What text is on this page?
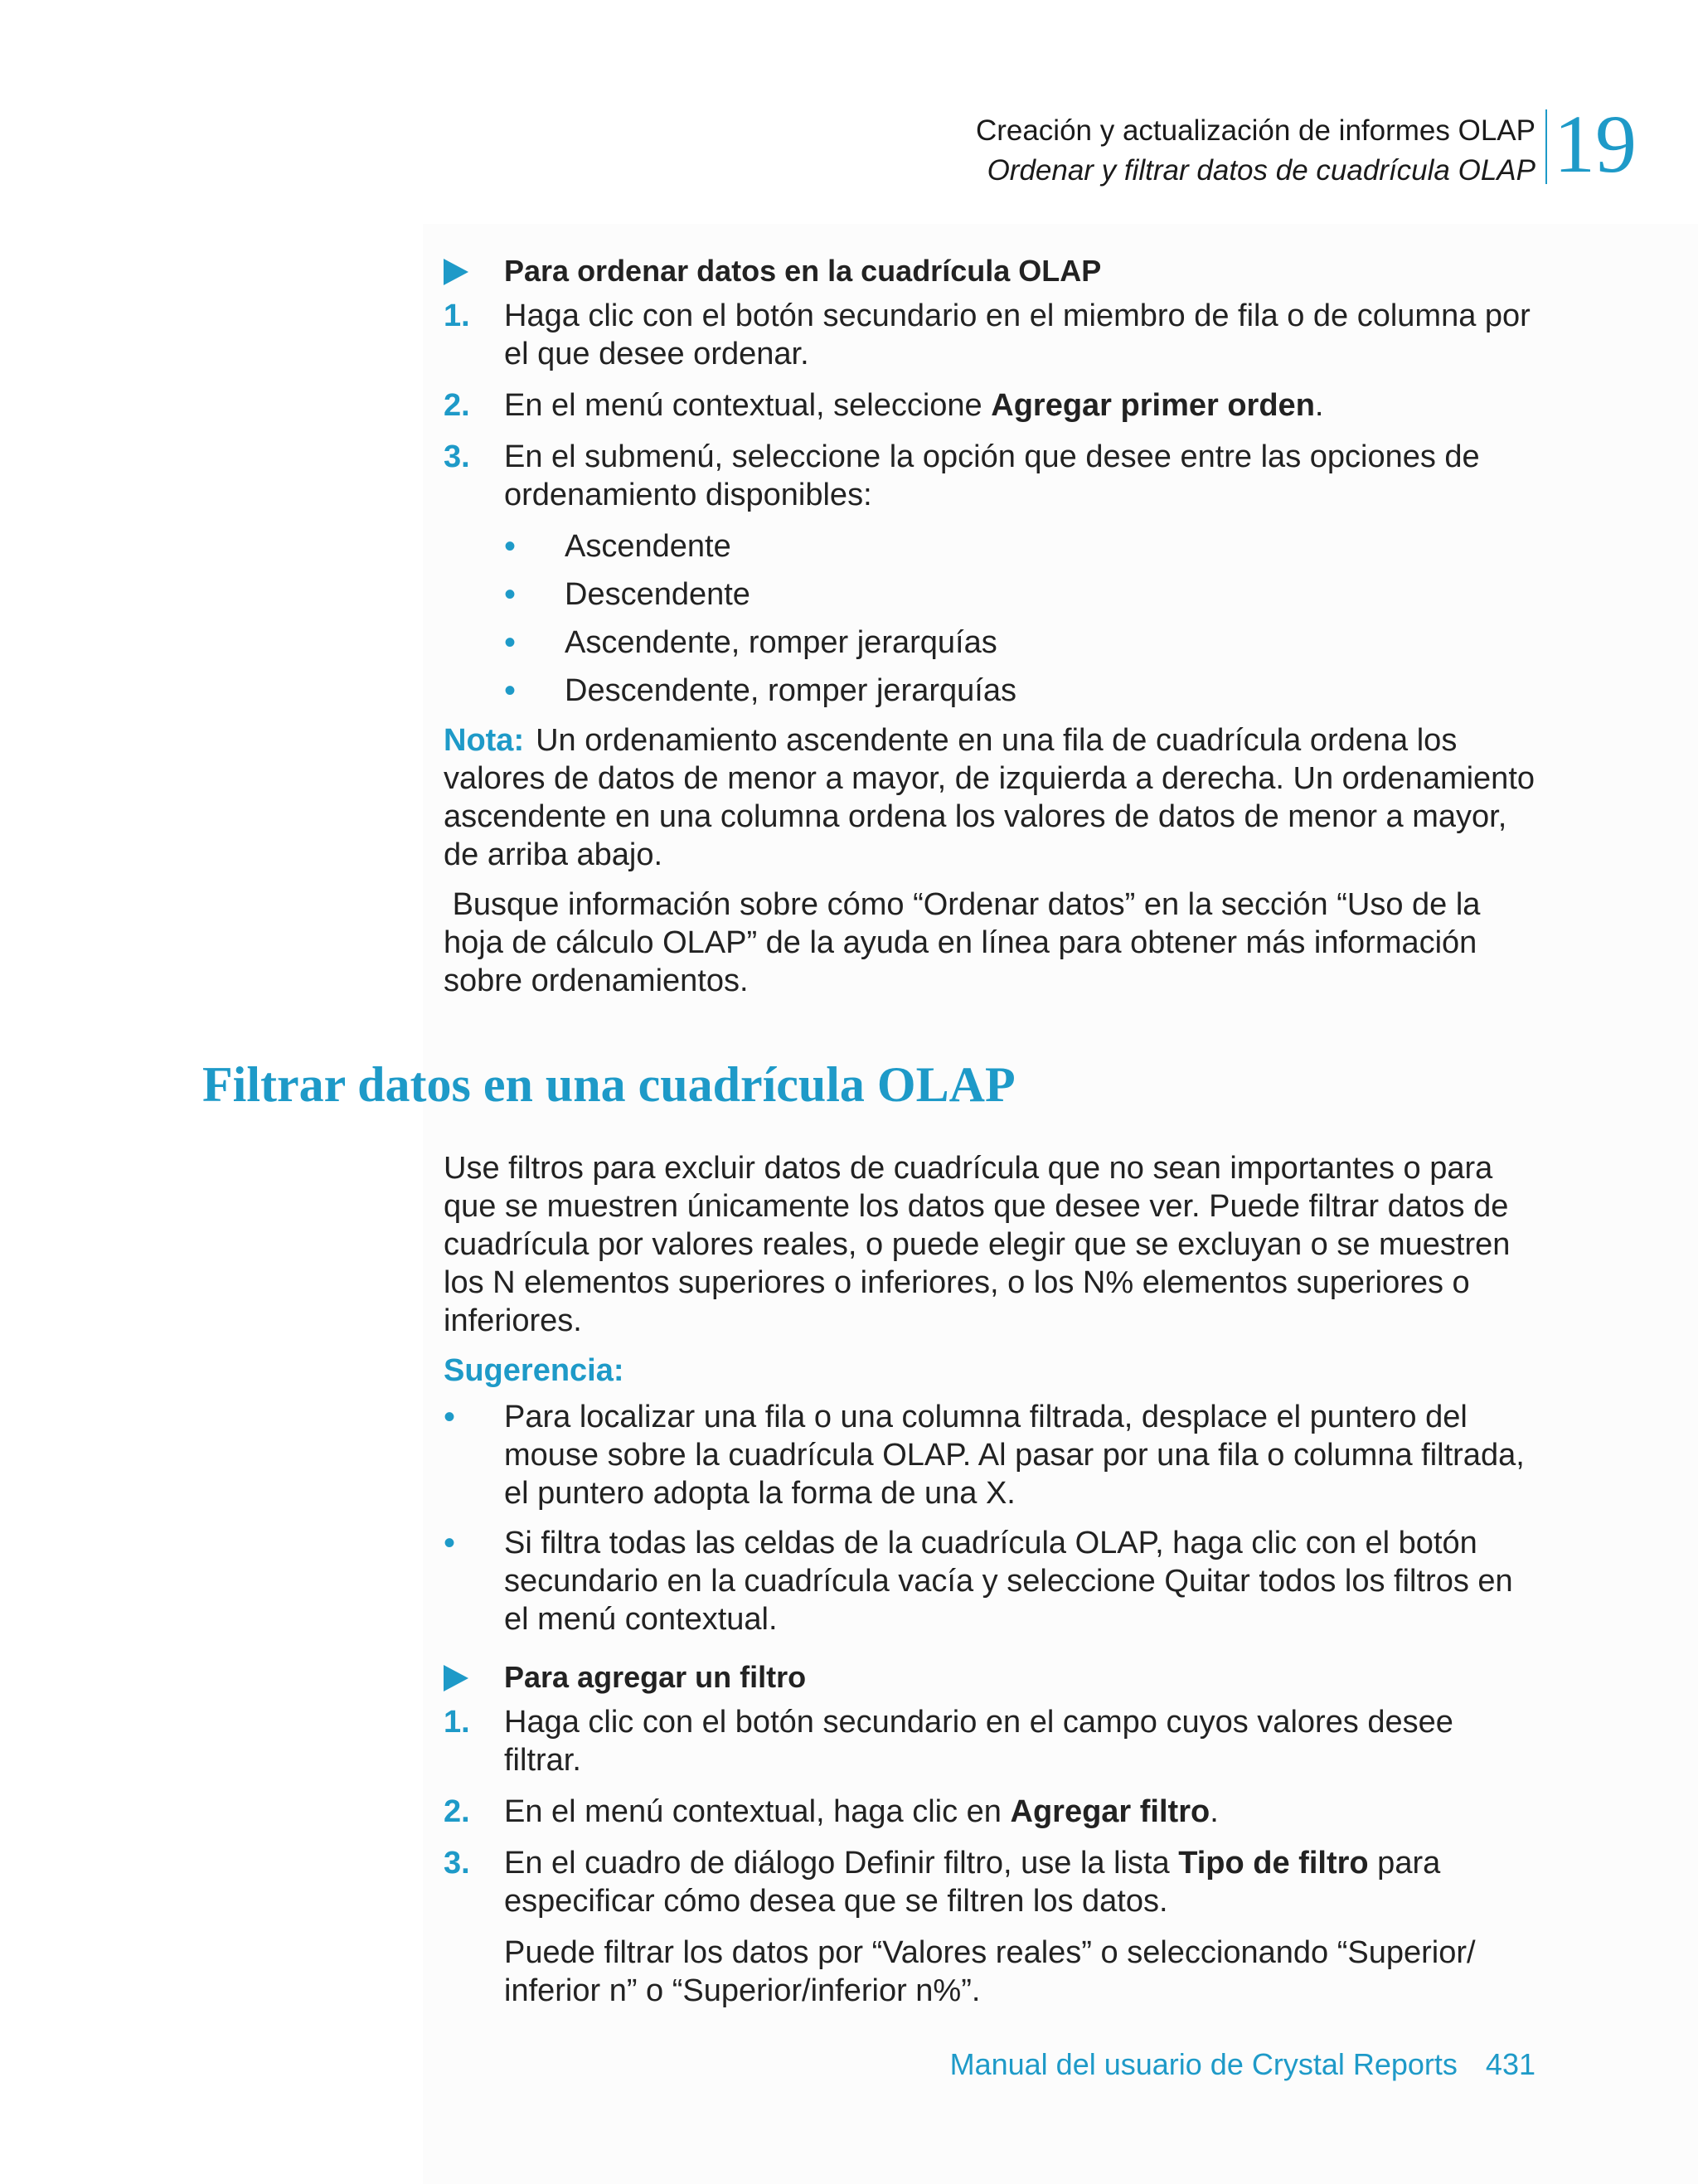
Creación y actualización de informes OLAP
Ordenar y filtrar datos de cuadrícula OLAP 19
Para ordenar datos en la cuadrícula OLAP
1. Haga clic con el botón secundario en el miembro de fila o de columna por el que desee ordenar.
2. En el menú contextual, seleccione Agregar primer orden.
3. En el submenú, seleccione la opción que desee entre las opciones de ordenamiento disponibles:
• Ascendente
• Descendente
• Ascendente, romper jerarquías
• Descendente, romper jerarquías
Nota: Un ordenamiento ascendente en una fila de cuadrícula ordena los valores de datos de menor a mayor, de izquierda a derecha. Un ordenamiento ascendente en una columna ordena los valores de datos de menor a mayor, de arriba abajo.
Busque información sobre cómo “Ordenar datos” en la sección “Uso de la hoja de cálculo OLAP” de la ayuda en línea para obtener más información sobre ordenamientos.
Filtrar datos en una cuadrícula OLAP
Use filtros para excluir datos de cuadrícula que no sean importantes o para que se muestren únicamente los datos que desee ver. Puede filtrar datos de cuadrícula por valores reales, o puede elegir que se excluyan o se muestren los N elementos superiores o inferiores, o los N% elementos superiores o inferiores.
Sugerencia:
• Para localizar una fila o una columna filtrada, desplace el puntero del mouse sobre la cuadrícula OLAP. Al pasar por una fila o columna filtrada, el puntero adopta la forma de una X.
• Si filtra todas las celdas de la cuadrícula OLAP, haga clic con el botón secundario en la cuadrícula vacía y seleccione Quitar todos los filtros en el menú contextual.
Para agregar un filtro
1. Haga clic con el botón secundario en el campo cuyos valores desee filtrar.
2. En el menú contextual, haga clic en Agregar filtro.
3. En el cuadro de diálogo Definir filtro, use la lista Tipo de filtro para especificar cómo desea que se filtren los datos.
Puede filtrar los datos por “Valores reales” o seleccionando “Superior/ inferior n” o “Superior/inferior n%”.
Manual del usuario de Crystal Reports 431
